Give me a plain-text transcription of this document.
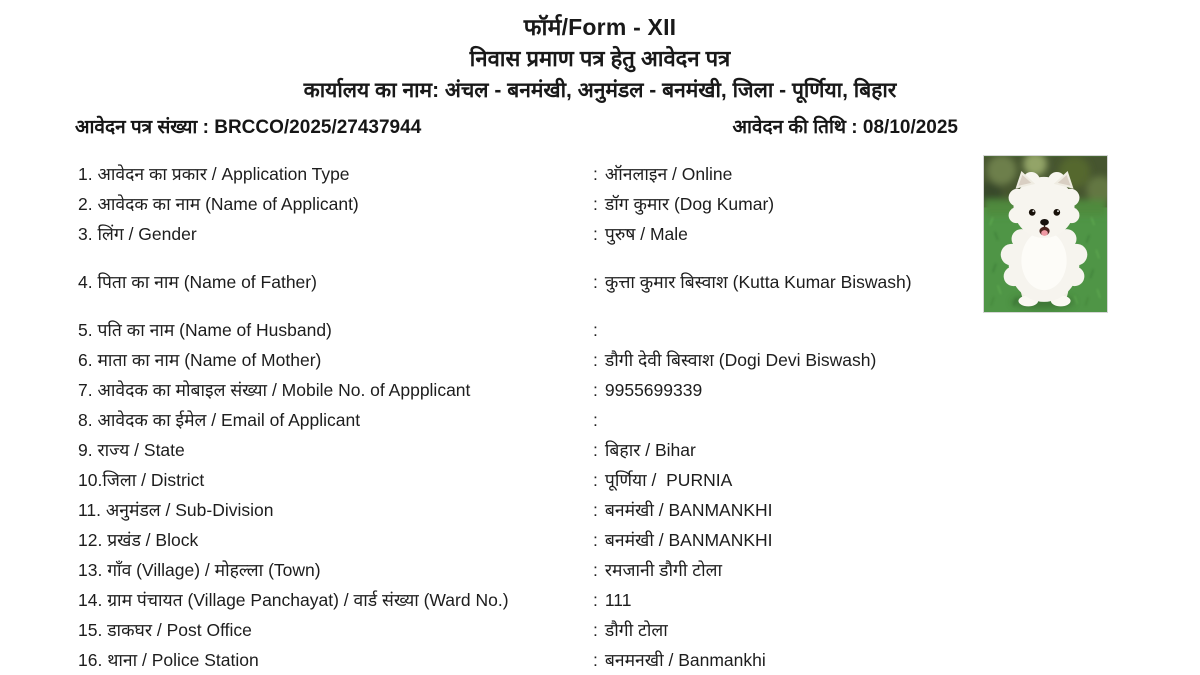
फॉर्म/Form - XII
निवास प्रमाण पत्र हेतु आवेदन पत्र
कार्यालय का नाम: अंचल - बनमंखी, अनुमंडल - बनमंखी, जिला - पूर्णिया, बिहार
आवेदन पत्र संख्या : BRCCO/2025/27437944	आवेदन की तिथि : 08/10/2025
1. आवेदन का प्रकार / Application Type	: ऑनलाइन / Online
2. आवेदक का नाम (Name of Applicant)	: डॉग कुमार (Dog Kumar)
3. लिंग / Gender	: पुरुष / Male
4. पिता का नाम (Name of Father)	: कुत्ता कुमार बिस्वाश (Kutta Kumar Biswash)
5. पति का नाम (Name of Husband)	:
6. माता का नाम (Name of Mother)	: डौगी देवी बिस्वाश (Dogi Devi Biswash)
7. आवेदक का मोबाइल संख्या / Mobile No. of Appplicant	: 9955699339
8. आवेदक का ईमेल / Email of Applicant	:
9. राज्य / State	: बिहार / Bihar
10.जिला / District	: पूर्णिया /  PURNIA
11. अनुमंडल / Sub-Division	: बनमंखी / BANMANKHI
12. प्रखंड / Block	: बनमंखी / BANMANKHI
13. गाँव (Village) / मोहल्ला (Town)	: रमजानी डौगी टोला
14. ग्राम पंचायत (Village Panchayat) / वार्ड संख्या (Ward No.)	: 111
15. डाकघर / Post Office	: डौगी टोला
16. थाना / Police Station	: बनमनखी / Banmankhi
